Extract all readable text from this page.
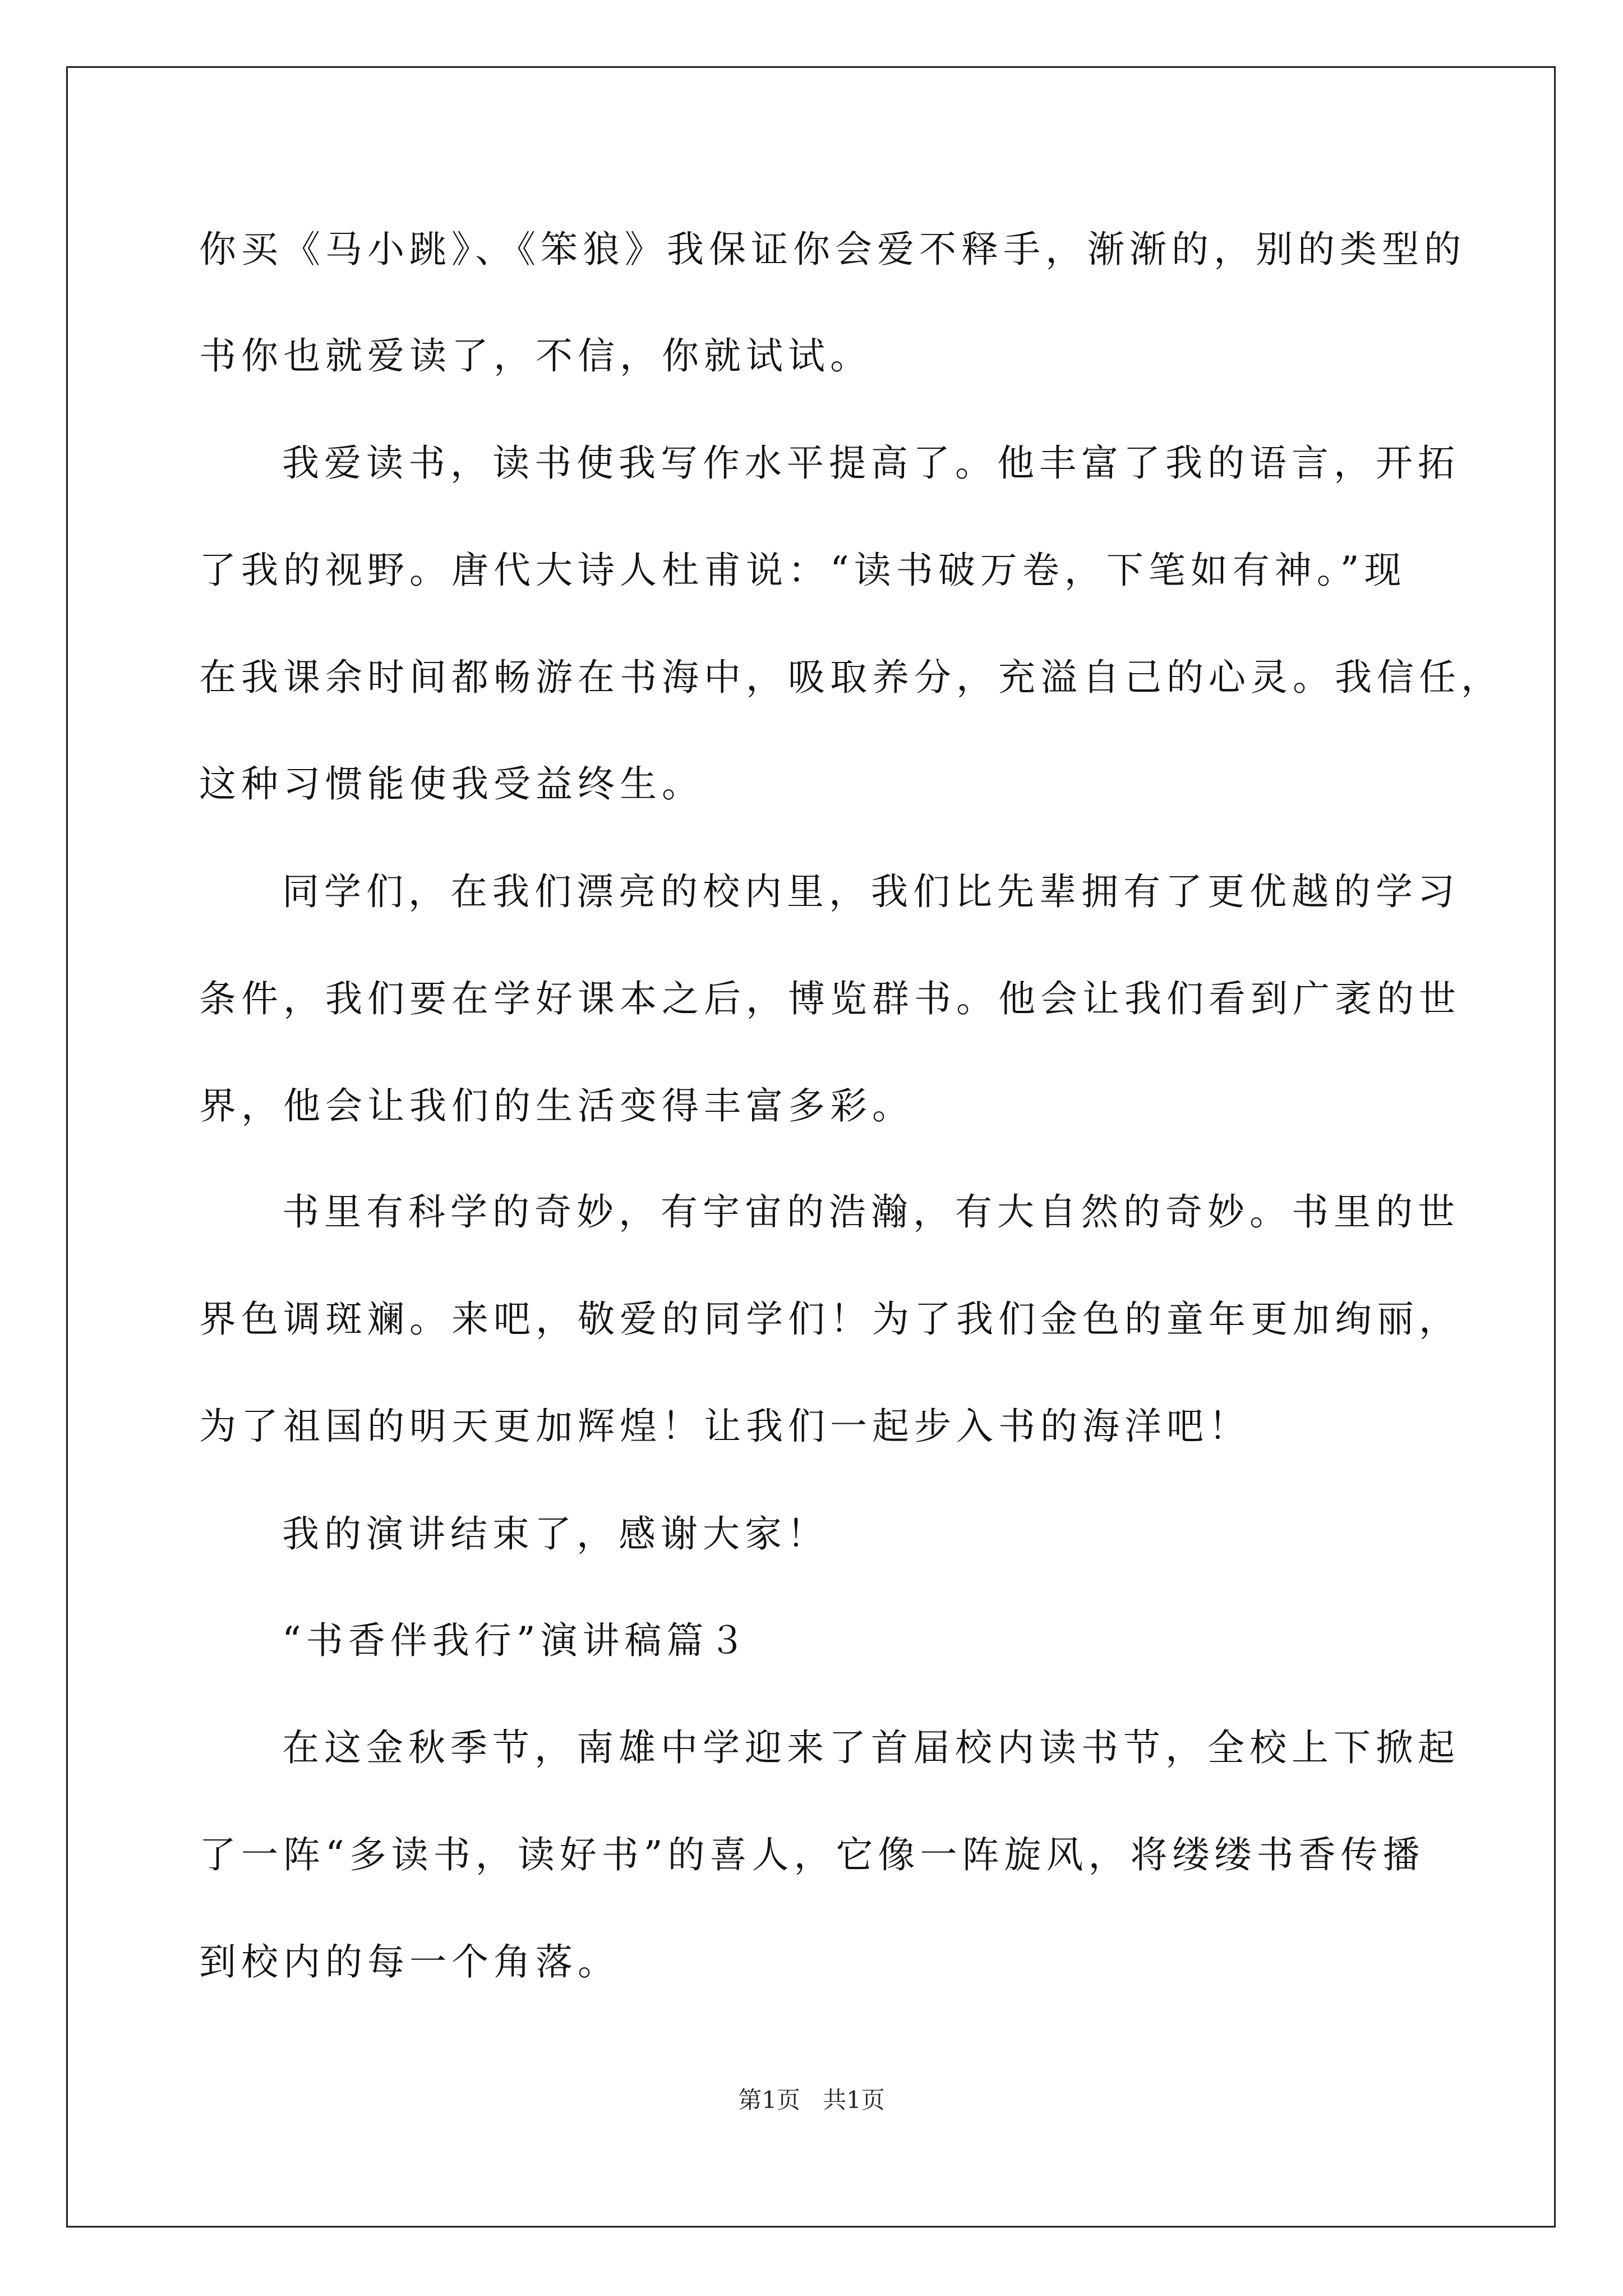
你买《马小跳》、《笨狼》我保证你会爱不释手，渐渐的，别的类型的
书你也就爱读了，不信，你就试试。
我爱读书，读书使我写作水平提高了。他丰富了我的语言，开拓
了我的视野。唐代大诗人杜甫说：“读书破万卷，下笔如有神。”现
在我课余时间都畅游在书海中，吸取养分，充溢自己的心灵。我信任，
这种习惯能使我受益终生。
同学们，在我们漂亮的校内里，我们比先辈拥有了更优越的学习
条件，我们要在学好课本之后，博览群书。他会让我们看到广袤的世
界，他会让我们的生活变得丰富多彩。
书里有科学的奇妙，有宇宙的浩瀚，有大自然的奇妙。书里的世
界色调斑斓。来吧，敬爱的同学们！为了我们金色的童年更加绚丽，
为了祖国的明天更加辉煌！让我们一起步入书的海洋吧！
我的演讲结束了，感谢大家！
“书香伴我行”演讲稿篇３
在这金秋季节，南雄中学迎来了首届校内读书节，全校上下掀起
了一阵“多读书，读好书”的喜人，它像一阵旋风，将缕缕书香传播
到校内的每一个角落。
第1页   共1页
